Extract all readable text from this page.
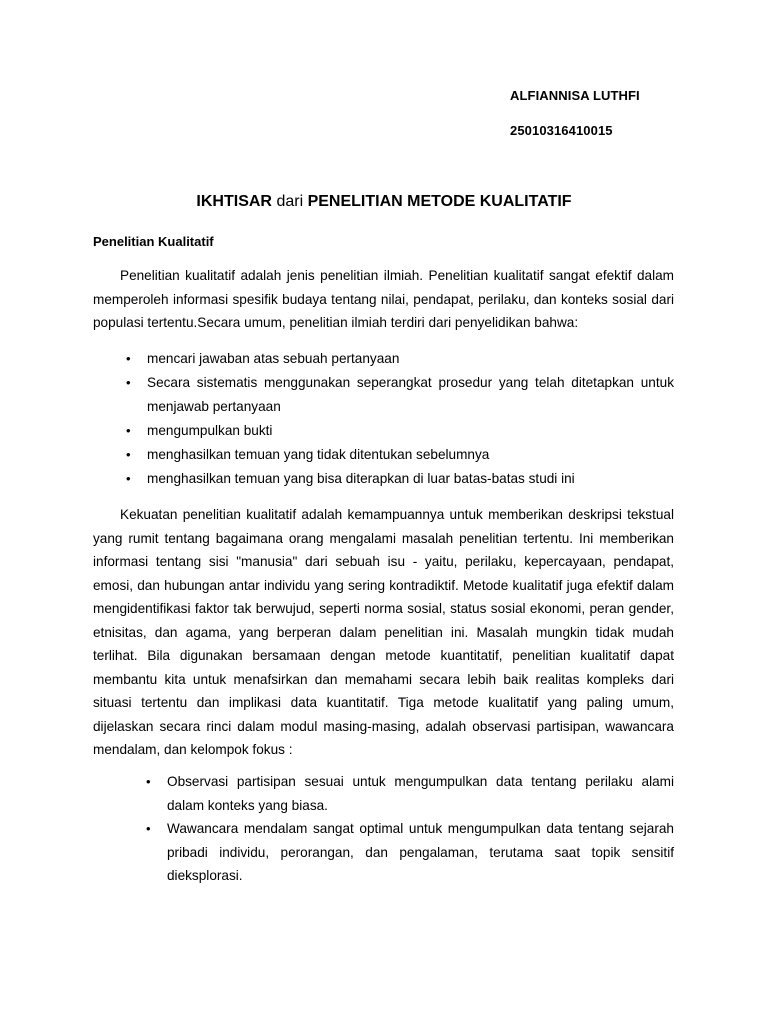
ALFIANNISA LUTHFI
25010316410015
IKHTISAR dari PENELITIAN METODE KUALITATIF
Penelitian Kualitatif

Penelitian kualitatif adalah jenis penelitian ilmiah. Penelitian kualitatif sangat efektif dalam memperoleh informasi spesifik budaya tentang nilai, pendapat, perilaku, dan konteks sosial dari populasi tertentu.Secara umum, penelitian ilmiah terdiri dari penyelidikan bahwa:

• mencari jawaban atas sebuah pertanyaan
• Secara sistematis menggunakan seperangkat prosedur yang telah ditetapkan untuk menjawab pertanyaan
• mengumpulkan bukti
• menghasilkan temuan yang tidak ditentukan sebelumnya
• menghasilkan temuan yang bisa diterapkan di luar batas-batas studi ini

Kekuatan penelitian kualitatif adalah kemampuannya untuk memberikan deskripsi tekstual yang rumit tentang bagaimana orang mengalami masalah penelitian tertentu. Ini memberikan informasi tentang sisi "manusia" dari sebuah isu - yaitu, perilaku, kepercayaan, pendapat, emosi, dan hubungan antar individu yang sering kontradiktif. Metode kualitatif juga efektif dalam mengidentifikasi faktor tak berwujud, seperti norma sosial, status sosial ekonomi, peran gender, etnisitas, dan agama, yang berperan dalam penelitian ini. Masalah mungkin tidak mudah terlihat. Bila digunakan bersamaan dengan metode kuantitatif, penelitian kualitatif dapat membantu kita untuk menafsirkan dan memahami secara lebih baik realitas kompleks dari situasi tertentu dan implikasi data kuantitatif. Tiga metode kualitatif yang paling umum, dijelaskan secara rinci dalam modul masing-masing, adalah observasi partisipan, wawancara mendalam, dan kelompok fokus :

• Observasi partisipan sesuai untuk mengumpulkan data tentang perilaku alami dalam konteks yang biasa.
• Wawancara mendalam sangat optimal untuk mengumpulkan data tentang sejarah pribadi individu, perorangan, dan pengalaman, terutama saat topik sensitif dieksplorasi.
